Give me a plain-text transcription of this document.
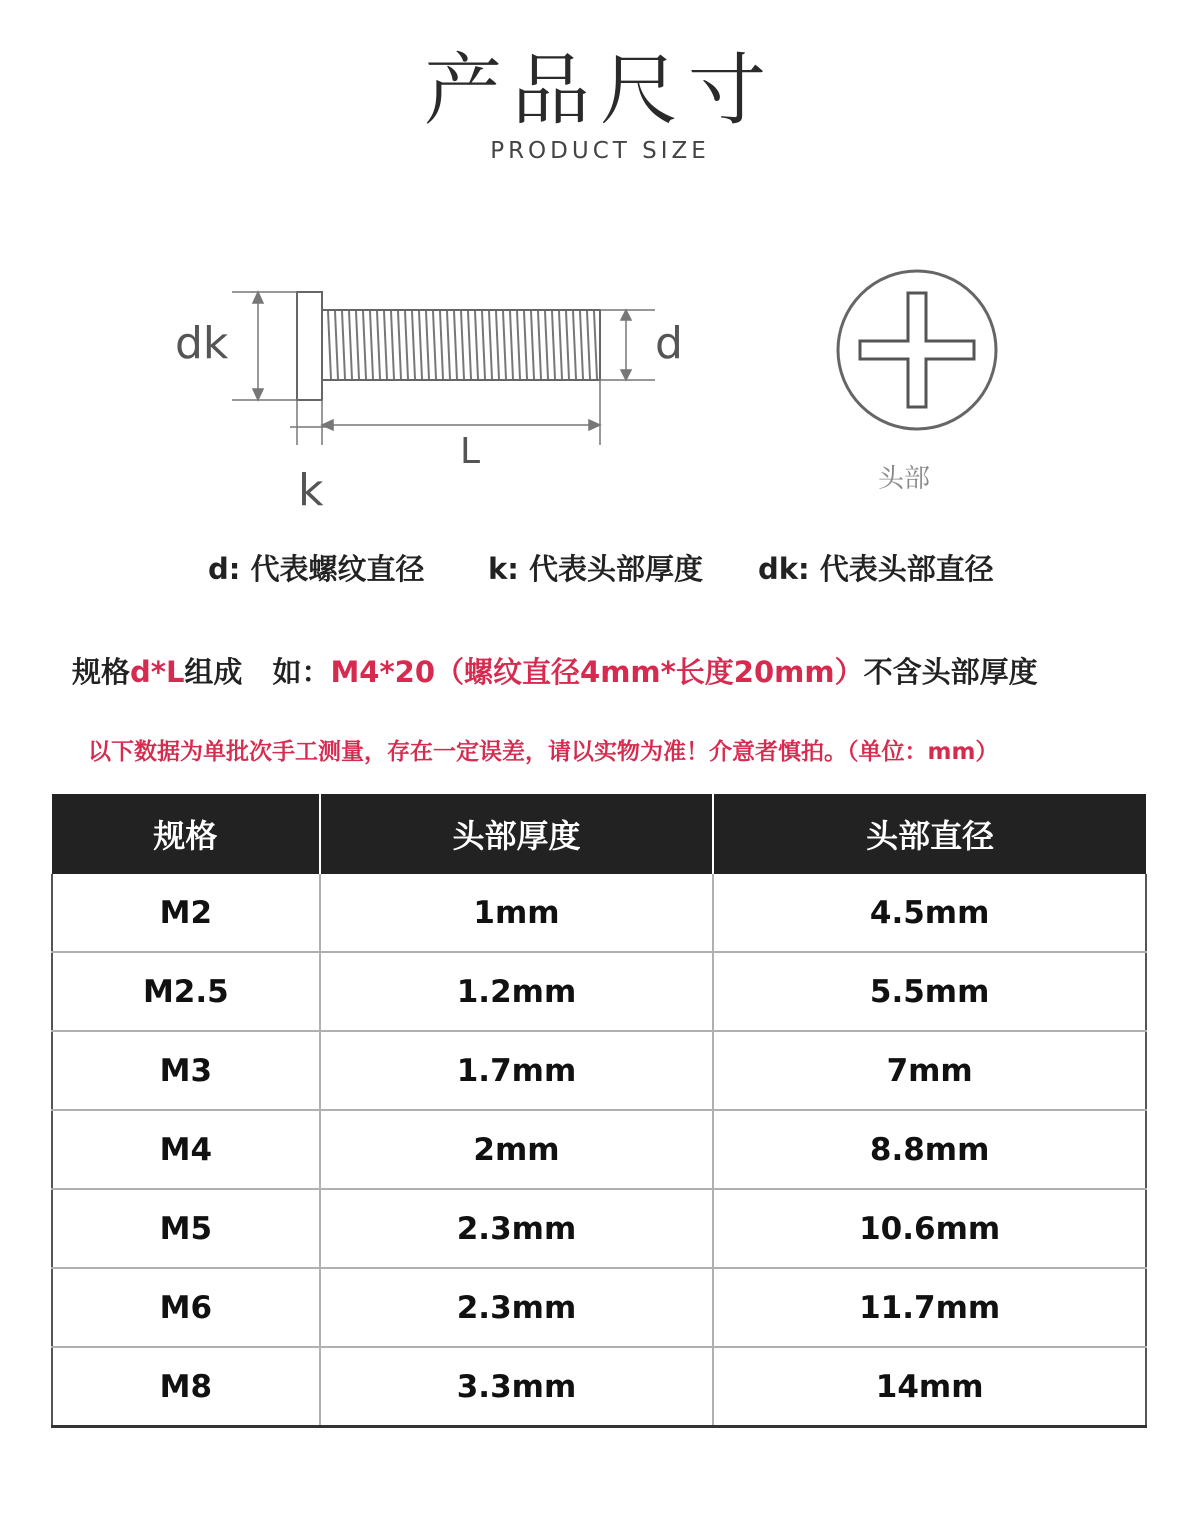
产品尺寸
PRODUCT SIZE
dk	d
L
k	头部
d: 代表螺纹直径 k: 代表头部厚度 dk: 代表头部直径
规格d*L组成 如：M4*20（螺纹直径4mm*长度20mm）不含头部厚度
以下数据为单批次手工测量，存在一定误差，请以实物为准！介意者慎拍。（单位：mm）
规格	头部厚度	头部直径
M2	1mm	4.5mm
M2.5	1.2mm	5.5mm
M3	1.7mm	7mm
M4	2mm	8.8mm
M5	2.3mm	10.6mm
M6	2.3mm	11.7mm
M8	3.3mm	14mm
